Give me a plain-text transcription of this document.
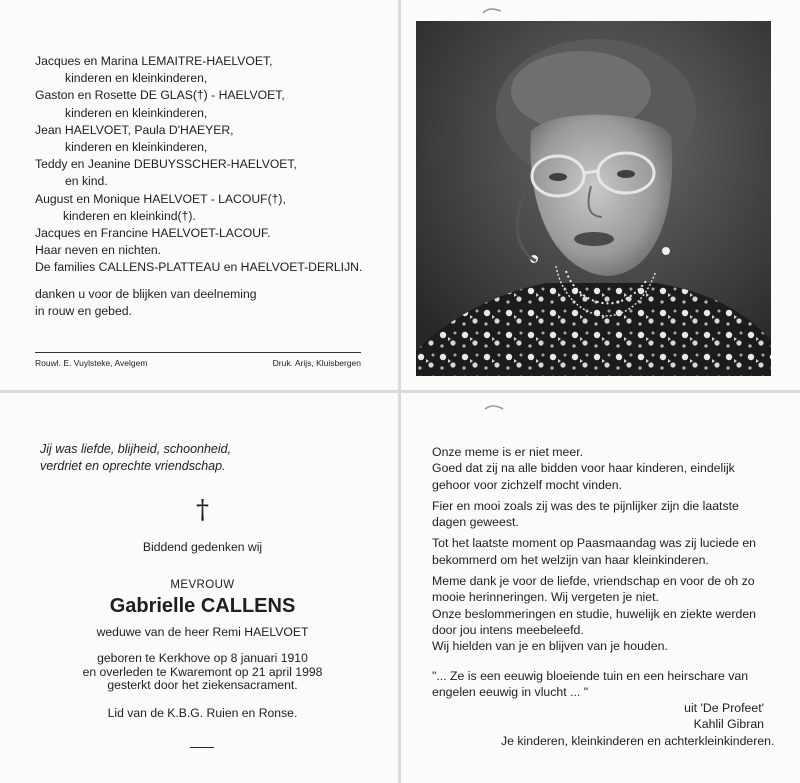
Jacques en Marina LEMAITRE-HAELVOET,
kinderen en kleinkinderen,
Gaston en Rosette DE GLAS(†) - HAELVOET,
kinderen en kleinkinderen,
Jean HAELVOET, Paula D'HAEYER,
kinderen en kleinkinderen,
Teddy en Jeanine DEBUYSSCHER-HAELVOET,
en kind.
August en Monique HAELVOET - LACOUF(†),
kinderen en kleinkind(†).
Jacques en Francine HAELVOET-LACOUF.
Haar neven en nichten.
De families CALLENS-PLATTEAU en HAELVOET-DERLIJN.
danken u voor de blijken van deelneming
in rouw en gebed.
Rouwl. E. Vuylsteke, Avelgem	Druk. Arijs, Kluisbergen
Jij was liefde, blijheid, schoonheid,
verdriet en oprechte vriendschap.
†
Biddend gedenken wij
MEVROUW
Gabrielle CALLENS
weduwe van de heer Remi HAELVOET
geboren te Kerkhove op 8 januari 1910
en overleden te Kwaremont op 21 april 1998
gesterkt door het ziekensacrament.
Lid van de K.B.G. Ruien en Ronse.

Onze meme is er niet meer.
Goed dat zij na alle bidden voor haar kinderen, eindelijk
gehoor voor zichzelf mocht vinden.

Fier en mooi zoals zij was des te pijnlijker zijn die laatste
dagen geweest.

Tot het laatste moment op Paasmaandag was zij luciede en
bekommerd om het welzijn van haar kleinkinderen.

Meme dank je voor de liefde, vriendschap en voor de oh zo
mooie herinneringen. Wij vergeten je niet.
Onze beslommeringen en studie, huwelijk en ziekte werden
door jou intens meebeleefd.
Wij hielden van je en blijven van je houden.

"... Ze is een eeuwig bloeiende tuin en een heirschare van
engelen eeuwig in vlucht ... "
uit 'De Profeet'
Kahlil Gibran
Je kinderen, kleinkinderen en achterkleinkinderen.
